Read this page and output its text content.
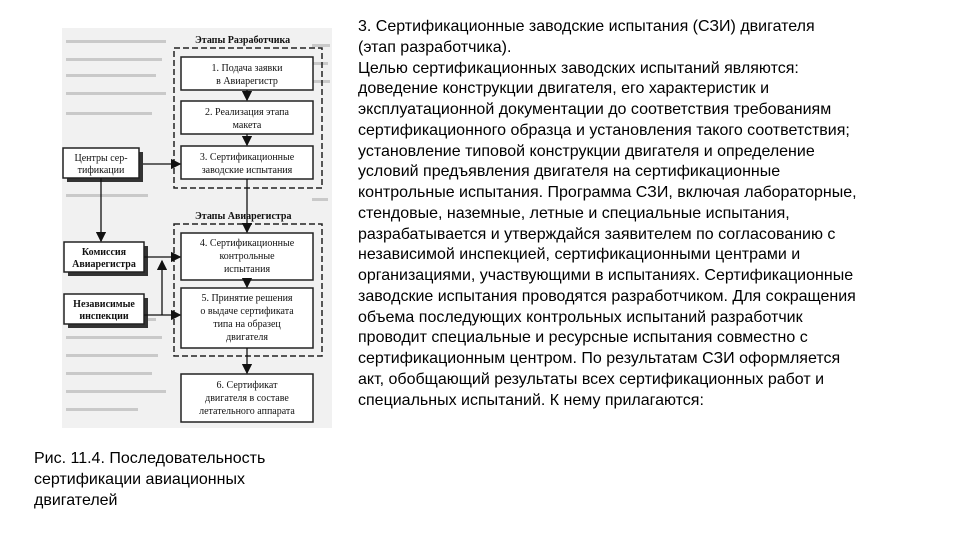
Этапы Разработчика
Этапы Авиарегистра
1. Подача заявки
в Авиарегистр
2. Реализация этапа
макета
3. Сертификационные
заводские испытания
4. Сертификационные
контрольные
испытания
5. Принятие решения
о выдаче сертификата
типа на образец
двигателя
6. Сертификат
двигателя в составе
летательного аппарата
Центры сер-
тификации
Комиссия
Авиарегистра
Независимые
инспекции
Рис. 11.4. Последовательность
сертификации авиационных
двигателей
3. Сертификационные заводские испытания (СЗИ) двигателя
(этап разработчика).
Целью сертификационных заводских испытаний являются:
доведение конструкции двигателя, его характеристик и
эксплуатационной документации до соответствия требованиям
сертификационного образца и установления такого соответствия;
установление типовой конструкции двигателя и определение
условий предъявления двигателя на сертификационные
контрольные испытания. Программа СЗИ, включая лабораторные,
стендовые, наземные, летные и специальные испытания,
разрабатывается и утверждайся заявителем по согласованию с
независимой инспекцией, сертификационными центрами и
организациями, участвующими в испытаниях. Сертификационные
заводские испытания проводятся разработчиком. Для сокращения
объема последующих контрольных испытаний разработчик
проводит специальные и ресурсные испытания совместно с
сертификационным центром. По результатам СЗИ оформляется
акт, обобщающий результаты всех сертификационных работ и
специальных испытаний. К нему прилагаются:
